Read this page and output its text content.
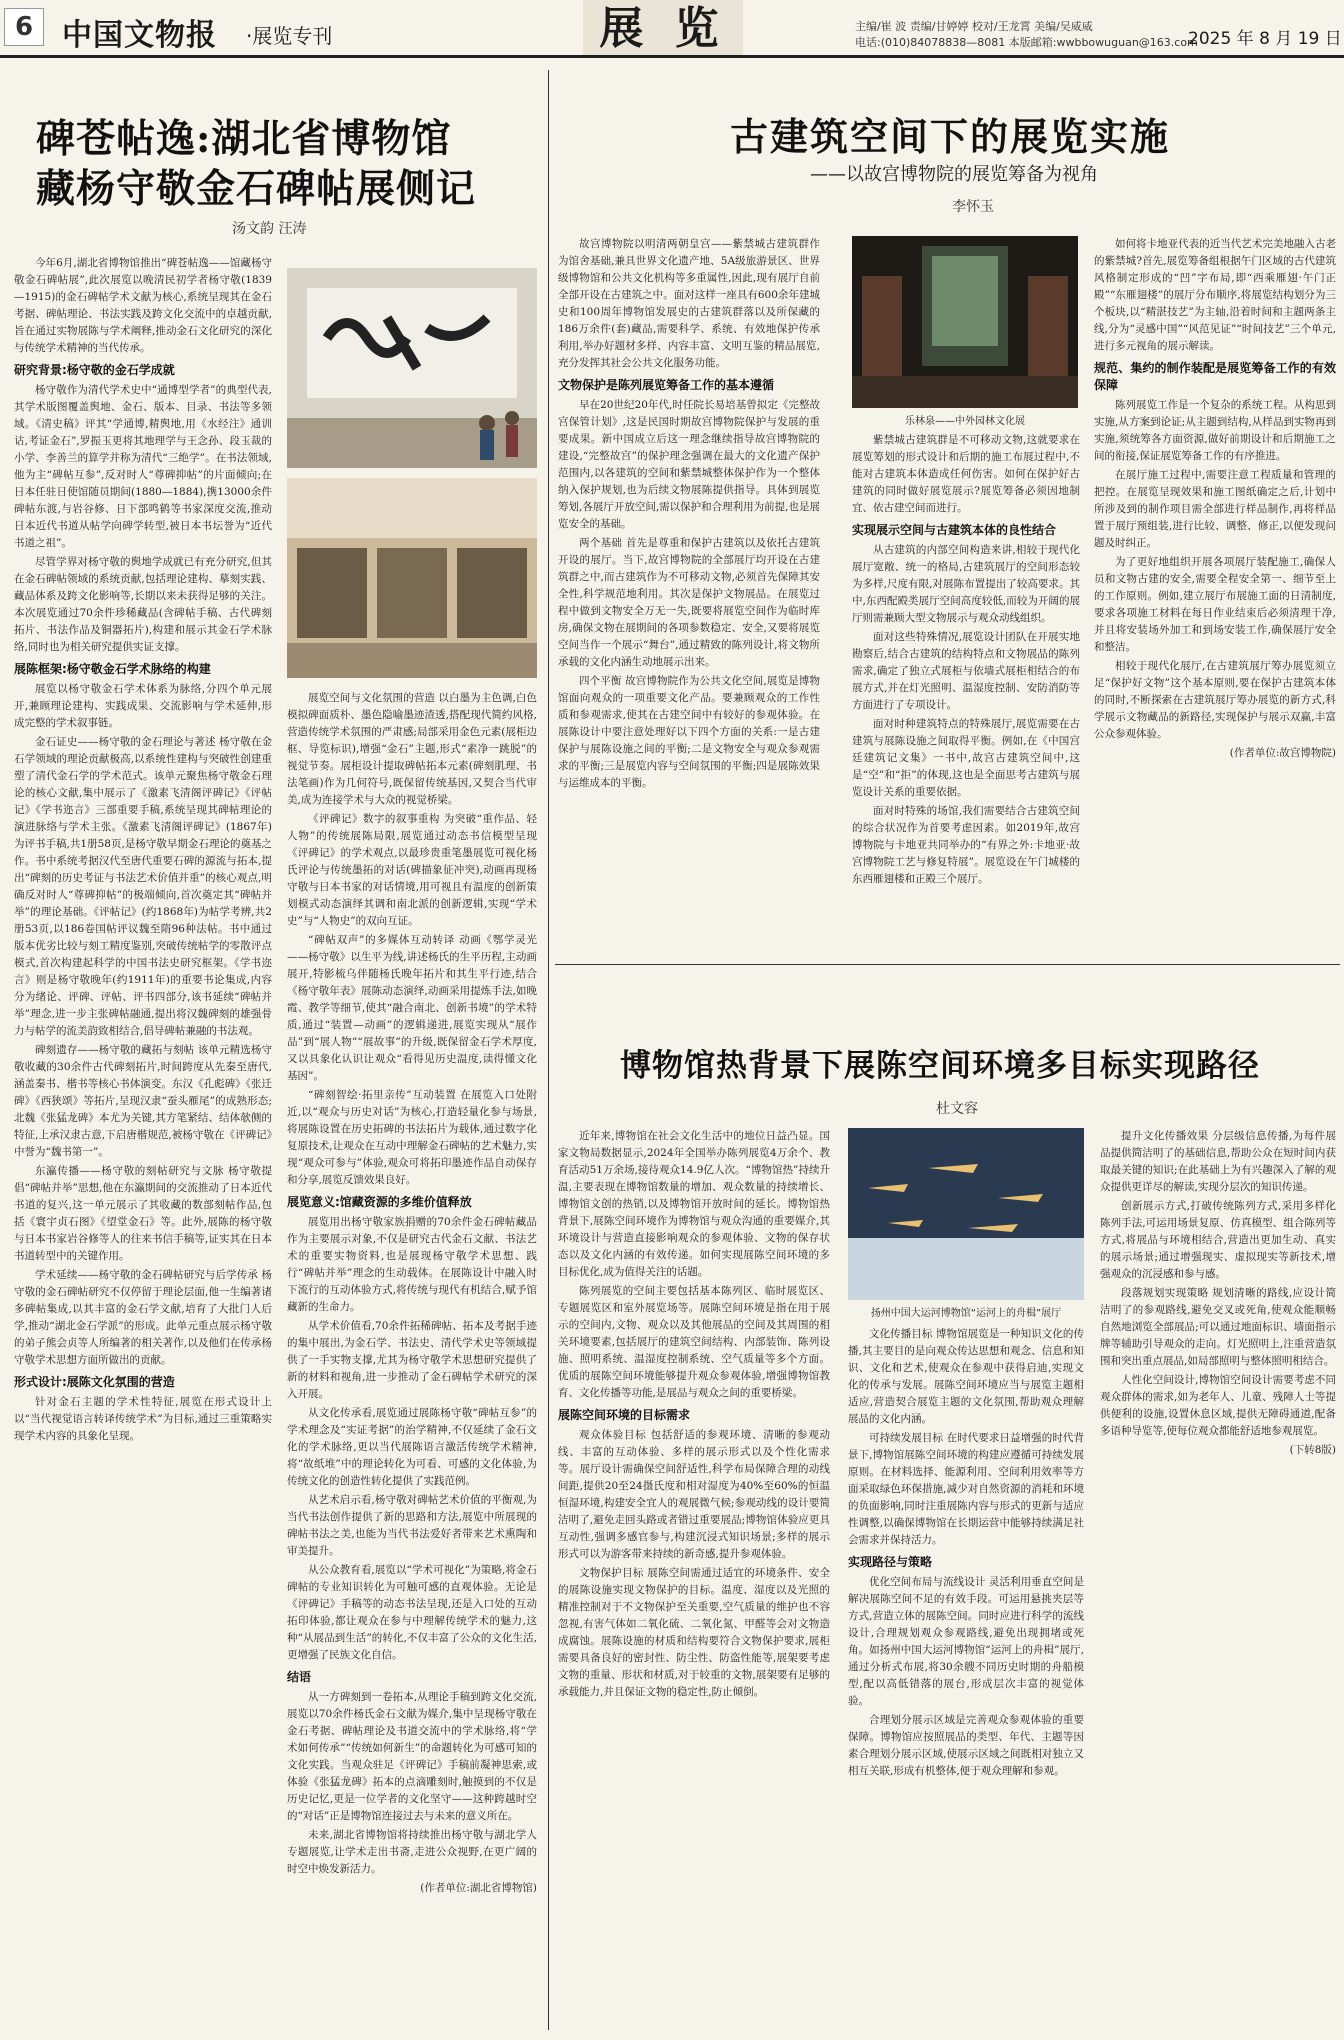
6 中国文物报 ·展览专刊	展 览	主编/崔 波 责编/甘婷婷 校对/王龙霄 美编/吴威威
电话:(010)84078838—8081 本版邮箱:wwbbowuguan@163.com
2025 年 8 月 19 日
碑苍帖逸:湖北省博物馆
藏杨守敬金石碑帖展侧记
汤文韵 汪涛

今年6月,湖北省博物馆推出“碑苍帖逸——馆藏杨守敬金石碑帖展”,此次展览以晚清民初学者杨守敬(1839—1915)的金石碑帖学术文献为核心,系统呈现其在金石考据、碑帖理论、书法实践及跨文化交流中的卓越贡献,旨在通过实物展陈与学术阐释,推动金石文化研究的深化与传统学术精神的当代传承。

研究背景:杨守敬的金石学成就

杨守敬作为清代学术史中“通博型学者”的典型代表,其学术版图覆盖舆地、金石、版本、目录、书法等多领域。《清史稿》评其“学通博,精舆地,用《水经注》通训诂,考证金石”,罗振玉更将其地理学与王念孙、段玉裁的小学、李善兰的算学并称为清代“三绝学”。在书法领域,他为主“碑帖互参”,反对时人“尊碑抑帖”的片面倾向;在日本任驻日使馆随员期间(1880—1884),携13000余件碑帖东渡,与岩谷修、日下部鸣鹤等书家深度交流,推动日本近代书道从帖学向碑学转型,被日本书坛誉为“近代书道之祖”。

尽管学界对杨守敬的舆地学成就已有充分研究,但其在金石碑帖领域的系统贡献,包括理论建构、摹刻实践、藏品体系及跨文化影响等,长期以来未获得足够的关注。本次展览通过70余件珍稀藏品(含碑帖手稿、古代碑刻拓片、书法作品及铜器拓片),构建和展示其金石学术脉络,同时也为相关研究提供实证支撑。

展陈框架:杨守敬金石学术脉络的构建

展览以杨守敬金石学术体系为脉络,分四个单元展开,兼顾理论建构、实践成果、交流影响与学术延伸,形成完整的学术叙事链。

金石证史——杨守敬的金石理论与著述 杨守敬在金石学领域的理论贡献极高,以系统性建构与突破性创建重塑了清代金石学的学术范式。该单元聚焦杨守敬金石理论的核心文献,集中展示了《激素飞清阁评碑记》《评帖记》《学书迩言》三部重要手稿,系统呈现其碑帖理论的演进脉络与学术主张。《激素飞清阁评碑记》(1867年)为评书手稿,共1册58页,是杨守敬早期金石理论的奠基之作。书中系统考据汉代至唐代重要石碑的源流与拓本,提出“碑刻的历史考证与书法艺术价值并重”的核心观点,明确反对时人“尊碑抑帖”的极端倾向,首次奠定其“碑帖并举”的理论基础。《评帖记》(约1868年)为帖学考辨,共2册53页,以186卷国帖评议魏至隋96种法帖。书中通过版本优劣比较与刻工精度鉴别,突破传统帖学的零散评点模式,首次构建起科学的中国书法史研究框架。《学书迩言》则是杨守敬晚年(约1911年)的重要书论集成,内容分为绪论、评碑、评帖、评书四部分,该书延续“碑帖并举”理念,进一步主张碑帖融通,提出将汉魏碑刻的雄强骨力与帖学的流美韵致相结合,倡导碑帖兼融的书法观。

碑刻遗存——杨守敬的藏拓与刻帖 该单元精选杨守敬收藏的30余件古代碑刻拓片,时间跨度从先秦至唐代,涵盖秦书、楷书等核心书体演变。东汉《孔彪碑》《张迁碑》《西狭颂》等拓片,呈现汉隶“蚕头雁尾”的成熟形态;北魏《张猛龙碑》本尤为关键,其方笔紧结、结体欹侧的特征,上承汉隶古意,下启唐楷规范,被杨守敬在《评碑记》中誉为“魏书第一”。

东瀛传播——杨守敬的刻帖研究与文脉 杨守敬提倡“碑帖并举”思想,他在东瀛期间的交流推动了日本近代书道的复兴,这一单元展示了其收藏的数部刻帖作品,包括《寰宇贞石图》《望堂金石》等。此外,展陈的杨守敬与日本书家岩谷修等人的往来书信手稿等,证实其在日本书道转型中的关键作用。

学术延续——杨守敬的金石碑帖研究与后学传承 杨守敬的金石碑帖研究不仅停留于理论层面,他一生编著诸多碑帖集成,以其丰富的金石学文献,培育了大批门人后学,推动“湖北金石学派”的形成。此单元重点展示杨守敬的弟子熊会贞等人所编著的相关著作,以及他们在传承杨守敬学术思想方面所做出的贡献。

形式设计:展陈文化氛围的营造

针对金石主题的学术性特征,展览在形式设计上以“当代视觉语言转译传统学术”为目标,通过三重策略实现学术内容的具象化呈现。

展览空间与文化氛围的营造 以白墨为主色调,白色模拟碑面质朴、墨色隐喻墨迹渣透,搭配现代简约风格,营造传统学术氛围的严肃感;局部采用金色元素(展柜边框、导览标识),增强“金石”主题,形式“素净一跳脱”的视觉节奏。展柜设计提取碑帖拓本元素(碑刻肌理、书法笔画)作为几何符号,既保留传统基因,又契合当代审美,成为连接学术与大众的视觉桥梁。

《评碑记》数字的叙事重构 为突破“重作品、轻人物”的传统展陈局限,展览通过动态书信模型呈现《评碑记》的学术观点,以最珍贵重笔墨展览可视化杨氏评论与传统墨拓的对话(碑描象征冲突),动画再现杨守敬与日本书家的对话情境,用可视且有温度的创新策划模式动态演绎其调和南北派的创新逻辑,实现“学术史”与“人物史”的双向互证。

“碑帖双声”的多媒体互动转译 动画《鄂学灵光——杨守敬》以生平为线,讲述杨氏的生平历程,主动画展开,特影梳乌伴随杨氏晚年拓片和其生平行迹,结合《杨守敬年表》展陈动态演绎,动画采用提炼手法,如晚霞、教学等细节,使其“融合南北、创新书境”的学术特质,通过“装置—动画”的逻辑递进,展览实现从“展作品”到“展人物”“展故事”的升级,既保留金石学术厚度,又以具象化认识让观众“看得见历史温度,读得懂文化基因”。

“碑刻智绘·拓里亲传”互动装置 在展览入口处附近,以“观众与历史对话”为核心,打造轻量化参与场景,将展陈设置在历史拓碑的书法拓片为载体,通过数字化复原技术,让观众在互动中理解金石碑帖的艺术魅力,实现“观众可参与”体验,观众可将拓印墨迹作品自动保存和分享,展览反馈效果良好。

展览意义:馆藏资源的多维价值释放

展览用出杨守敬家族捐赠的70余件金石碑帖藏品作为主要展示对象,不仅是研究古代金石文献、书法艺术的重要实物资料,也是展现杨守敬学术思想、践行“碑帖并举”理念的生动载体。在展陈设计中融入时下流行的互动体验方式,将传统与现代有机结合,赋予馆藏新的生命力。

从学术价值看,70余件拓稀碑帖、拓本及考据手迹的集中展出,为金石学、书法史、清代学术史等领域提供了一手实物支撑,尤其为杨守敬学术思想研究提供了新的材料和视角,进一步推动了金石碑帖学术研究的深入开展。

从文化传承看,展览通过展陈杨守敬“碑帖互参”的学术理念及“实证考据”的治学精神,不仅延续了金石文化的学术脉络,更以当代展陈语言激活传统学术精神,将“故纸堆”中的理论转化为可看、可感的文化体验,为传统文化的创造性转化提供了实践范例。

从艺术启示看,杨守敬对碑帖艺术价值的平衡观,为当代书法创作提供了新的思路和方法,展览中所展现的碑帖书法之美,也能为当代书法爱好者带来艺术熏陶和审美提升。

从公众教育看,展览以“学术可视化”为策略,将金石碑帖的专业知识转化为可触可感的直观体验。无论是《评碑记》手稿等的动态书法呈现,还是入口处的互动拓印体验,都让观众在参与中理解传统学术的魅力,这种“从展品到生活”的转化,不仅丰富了公众的文化生活,更增强了民族文化自信。

结语

从一方碑刻到一卷拓本,从理论手稿到跨文化交流,展览以70余件杨氏金石文献为媒介,集中呈现杨守敬在金石考据、碑帖理论及书道交流中的学术脉络,将“学术如何传承”“传统如何新生”的命题转化为可感可知的文化实践。当观众驻足《评碑记》手稿前凝神思索,或体验《张猛龙碑》拓本的点滴雕刻时,触摸到的不仅是历史记忆,更是一位学者的文化坚守——这种跨越时空的“对话”正是博物馆连接过去与未来的意义所在。

未来,湖北省博物馆将持续推出杨守敬与湖北学人专题展览,让学术走出书斋,走进公众视野,在更广阔的时空中焕发新活力。

(作者单位:湖北省博物馆)
古建筑空间下的展览实施
——以故宫博物院的展览筹备为视角
李怀玉

故宫博物院以明清两朝皇宫——紫禁城古建筑群作为馆舍基础,兼具世界文化遗产地、5A级旅游景区、世界级博物馆和公共文化机构等多重属性,因此,现有展厅自前全部开设在古建筑之中。面对这样一座具有600余年建城史和100周年博物馆发展史的古建筑群落以及所保藏的186万余件(套)藏品,需要科学、系统、有效地保护传承利用,举办好题材多样、内容丰富、文明互鉴的精品展览,充分发挥其社会公共文化服务功能。

文物保护是陈列展览筹备工作的基本遵循

早在20世纪20年代,时任院长易培基曾拟定《完整故宫保管计划》,这是民国时期故宫博物院保护与发展的重要成果。新中国成立后这一理念继续指导故宫博物院的建设,“完整故宫”的保护理念强调在最大的文化遗产保护范围内,以各建筑的空间和紫禁城整体保护作为一个整体纳入保护规划,也为后续文物展陈提供指导。具体到展览筹划,各展厅开放空间,需以保护和合理利用为前提,也是展览安全的基础。

两个基础 首先是尊重和保护古建筑以及依托古建筑开设的展厅。当下,故宫博物院的全部展厅均开设在古建筑群之中,而古建筑作为不可移动文物,必须首先保障其安全性,科学规范地利用。其次是保护文物展品。在展览过程中做到文物安全万无一失,既要将展览空间作为临时库房,确保文物在展期间的各项参数稳定、安全,又要将展览空间当作一个展示“舞台”,通过精致的陈列设计,将文物所承载的文化内涵生动地展示出来。

四个平衡 故宫博物院作为公共文化空间,展览是博物馆面向观众的一项重要文化产品。要兼顾观众的工作性质和参观需求,使其在古建空间中有较好的参观体验。在展陈设计中要注意处理好以下四个方面的关系:一是古建保护与展陈设施之间的平衡;二是文物安全与观众参观需求的平衡;三是展览内容与空间氛围的平衡;四是展陈效果与运维成本的平衡。

乐林泉——中外园林文化展

紫禁城古建筑群是不可移动文物,这就要求在展览筹划的形式设计和后期的施工布展过程中,不能对古建筑本体造成任何伤害。如何在保护好古建筑的同时做好展览展示?展览筹备必须因地制宜、依古建空间而进行。

实现展示空间与古建筑本体的良性结合

从古建筑的内部空间构造来讲,相较于现代化展厅宽敞、统一的格局,古建筑展厅的空间形态较为多样,尺度有限,对展陈布置提出了较高要求。其中,东西配殿类展厅空间高度较低,而较为开阔的展厅则需兼顾大型文物展示与观众动线组织。

面对这些特殊情况,展览设计团队在开展实地勘察后,结合古建筑的结构特点和文物展品的陈列需求,确定了独立式展柜与依墙式展柜相结合的布展方式,并在灯光照明、温湿度控制、安防消防等方面进行了专项设计。

面对时种建筑特点的特殊展厅,展览需要在古建筑与展陈设施之间取得平衡。例如,在《中国宫廷建筑记文集》一书中,故宫古建筑空间中,这是“空”和“拒”的体现,这也是全面思考古建筑与展览设计关系的重要依据。

面对时特殊的场馆,我们需要结合古建筑空间的综合状况作为首要考虑因素。如2019年,故宫博物院与卡地亚共同举办的“有界之外:卡地亚·故宫博物院工艺与修复特展”。展览设在午门城楼的东西雁翅楼和正殿三个展厅。

如何将卡地亚代表的近当代艺术完美地融入古老的紫禁城?首先,展览筹备组根据午门区域的古代建筑风格制定形成的“凹”字布局,即“西乘雁翅·午门正殿”“东雁翅楼”的展厅分布顺序,将展览结构划分为三个板块,以“精湛技艺”为主轴,沿着时间和主题两条主线,分为“灵感中国”“风范见证”“时间技艺”三个单元,进行多元视角的展示解读。

规范、集约的制作装配是展览筹备工作的有效保障

陈列展览工作是一个复杂的系统工程。从构思到实施,从方案到论证;从主题到结构,从样品到实物再到实施,须统筹各方面资源,做好前期设计和后期施工之间的衔接,保证展览筹备工作的有序推进。

在展厅施工过程中,需要注意工程质量和管理的把控。在展览呈现效果和施工图纸确定之后,计划中所涉及到的制作项目需全部进行样品制作,再将样品置于展厅预组装,进行比较、调整、修正,以便发现问题及时纠正。

为了更好地组织开展各项展厅装配施工,确保人员和文物古建的安全,需要全程安全第一、细节至上的工作原则。例如,建立展厅布展施工面的日清制度,要求各项施工材料在每日作业结束后必须清理干净,并且将安装场外加工和到场安装工作,确保展厅安全和整洁。

相较于现代化展厅,在古建筑展厅筹办展览须立足“保护好文物”这个基本原则,要在保护古建筑本体的同时,不断探索在古建筑展厅筹办展览的新方式,科学展示文物藏品的新路径,实现保护与展示双赢,丰富公众参观体验。

(作者单位:故宫博物院)
博物馆热背景下展陈空间环境多目标实现路径
杜文容

近年来,博物馆在社会文化生活中的地位日益凸显。国家文物局数据显示,2024年全国举办陈列展览4万余个、教育活动51万余场,接待观众14.9亿人次。“博物馆热”持续升温,主要表现在博物馆数量的增加、观众数量的持续增长、博物馆文创的热销,以及博物馆开放时间的延长。博物馆热背景下,展陈空间环境作为博物馆与观众沟通的重要媒介,其环境设计与营造直接影响观众的参观体验、文物的保存状态以及文化内涵的有效传递。如何实现展陈空间环境的多目标优化,成为值得关注的话题。

陈列展览的空间主要包括基本陈列区、临时展览区、专题展览区和室外展览场等。展陈空间环境是指在用于展示的空间内,文物、观众以及其他展品的空间及其周围的相关环境要素,包括展厅的建筑空间结构、内部装饰、陈列设施、照明系统、温湿度控制系统、空气质量等多个方面。优质的展陈空间环境能够提升观众参观体验,增强博物馆教育、文化传播等功能,是展品与观众之间的重要桥梁。

展陈空间环境的目标需求

观众体验目标 包括舒适的参观环境、清晰的参观动线、丰富的互动体验、多样的展示形式以及个性化需求等。展厅设计需确保空间舒适性,科学布局保障合理的动线间距,提供20至24摄氏度和相对湿度为40%至60%的恒温恒湿环境,构建安全宜人的观展微气候;参观动线的设计要简洁明了,避免走回头路或者错过重要展品;博物馆体验应更具互动性,强调多感官参与,构建沉浸式知识场景;多样的展示形式可以为游客带来持续的新奇感,提升参观体验。

文物保护目标 展陈空间需通过适宜的环境条件、安全的展陈设施实现文物保护的目标。温度、湿度以及光照的精准控制对于不文物保护至关重要,空气质量的维护也不容忽视,有害气体如二氧化硫、二氧化氮、甲醛等会对文物造成腐蚀。展陈设施的材质和结构要符合文物保护要求,展柜需要具备良好的密封性、防尘性、防盗性能等,展架要考虑文物的重量、形状和材质,对于较重的文物,展架要有足够的承载能力,并且保证文物的稳定性,防止倾倒。

扬州中国大运河博物馆“运河上的舟楫”展厅

文化传播目标 博物馆展览是一种知识文化的传播,其主要目的是向观众传达思想和观念、信息和知识、文化和艺术,使观众在参观中获得启迪,实现文化的传承与发展。展陈空间环境应当与展览主题相适应,营造契合展览主题的文化氛围,帮助观众理解展品的文化内涵。

可持续发展目标 在时代要求日益增强的时代背景下,博物馆展陈空间环境的构建应遵循可持续发展原则。在材料选择、能源利用、空间利用效率等方面采取绿色环保措施,减少对自然资源的消耗和环境的负面影响,同时注重展陈内容与形式的更新与适应性调整,以确保博物馆在长期运营中能够持续满足社会需求并保持活力。

实现路径与策略

优化空间布局与流线设计 灵活利用垂直空间是解决展陈空间不足的有效手段。可运用悬挑夹层等方式,营造立体的展陈空间。同时应进行科学的流线设计,合理规划观众参观路线,避免出现拥堵或死角。如扬州中国大运河博物馆“运河上的舟楫”展厅,通过分析式布展,将30余艘不同历史时期的舟船模型,配以高低错落的展台,形成层次丰富的视觉体验。

合理划分展示区域是完善观众参观体验的重要保障。博物馆应按照展品的类型、年代、主题等因素合理划分展示区域,使展示区域之间既相对独立又相互关联,形成有机整体,便于观众理解和参观。

提升文化传播效果 分层级信息传播,为每件展品提供简洁明了的基础信息,帮助公众在短时间内获取最关键的知识;在此基础上为有兴趣深入了解的观众提供更详尽的解读,实现分层次的知识传递。

创新展示方式,打破传统陈列方式,采用多样化陈列手法,可运用场景复原、仿真模型、组合陈列等方式,将展品与环境相结合,营造出更加生动、真实的展示场景;通过增强现实、虚拟现实等新技术,增强观众的沉浸感和参与感。

段落规划实现策略 规划清晰的路线,应设计简洁明了的参观路线,避免交叉或死角,使观众能顺畅自然地浏览全部展品;可以通过地面标识、墙面指示牌等辅助引导观众的走向。灯光照明上,注重营造氛围和突出重点展品,如局部照明与整体照明相结合。

人性化空间设计,博物馆空间设计需要考虑不同观众群体的需求,如为老年人、儿童、残障人士等提供便利的设施,设置休息区域,提供无障碍通道,配备多语种导览等,使每位观众都能舒适地参观展览。

(下转8版)
